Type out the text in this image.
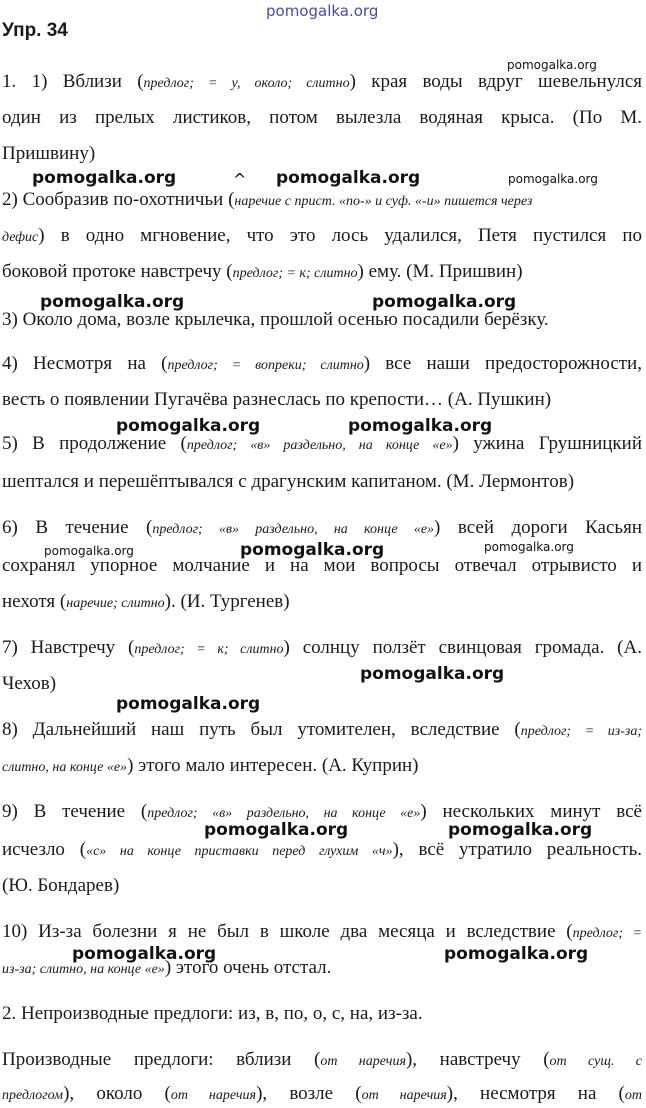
pomogalka.org
pomogalka.org
pomogalka.org	pomogalka.org	pomogalka.org
pomogalka.org	pomogalka.org
pomogalka.org	pomogalka.org
pomogalka.org	pomogalka.org	pomogalka.org
pomogalka.org
pomogalka.org
pomogalka.org	pomogalka.org
pomogalka.org	pomogalka.org
Упр. 34
1. 1) Вблизи (предлог; = у, около; слитно) края воды вдруг шевельнулся
один из прелых листиков, потом вылезла водяная крыса. (По М.
Пришвину)
^
2) Сообразив по-охотничьи (наречие с прист. «по-» и суф. «-и» пишется через
дефис) в одно мгновение, что это лось удалился, Петя пустился по
боковой протоке навстречу (предлог; = к; слитно) ему. (М. Пришвин)
3) Около дома, возле крылечка, прошлой осенью посадили берёзку.
4) Несмотря на (предлог; = вопреки; слитно) все наши предосторожности,
весть о появлении Пугачёва разнеслась по крепости… (А. Пушкин)
5) В продолжение (предлог; «в» раздельно, на конце «е») ужина Грушницкий
шептался и перешёптывался с драгунским капитаном. (М. Лермонтов)
6) В течение (предлог; «в» раздельно, на конце «е») всей дороги Касьян
сохранял упорное молчание и на мои вопросы отвечал отрывисто и
нехотя (наречие; слитно). (И. Тургенев)
7) Навстречу (предлог; = к; слитно) солнцу ползёт свинцовая громада. (А.
Чехов)
8) Дальнейший наш путь был утомителен, вследствие (предлог; = из-за;
слитно, на конце «е») этого мало интересен. (А. Куприн)
9) В течение (предлог; «в» раздельно, на конце «е») нескольких минут всё
исчезло («с» на конце приставки перед глухим «ч»), всё утратило реальность.
(Ю. Бондарев)
10) Из-за болезни я не был в школе два месяца и вследствие (предлог; =
из-за; слитно, на конце «е») этого очень отстал.
2. Непроизводные предлоги: из, в, по, о, с, на, из-за.
Производные предлоги: вблизи (от наречия), навстречу (от сущ. с
предлогом), около (от наречия), возле (от наречия), несмотря на (от
